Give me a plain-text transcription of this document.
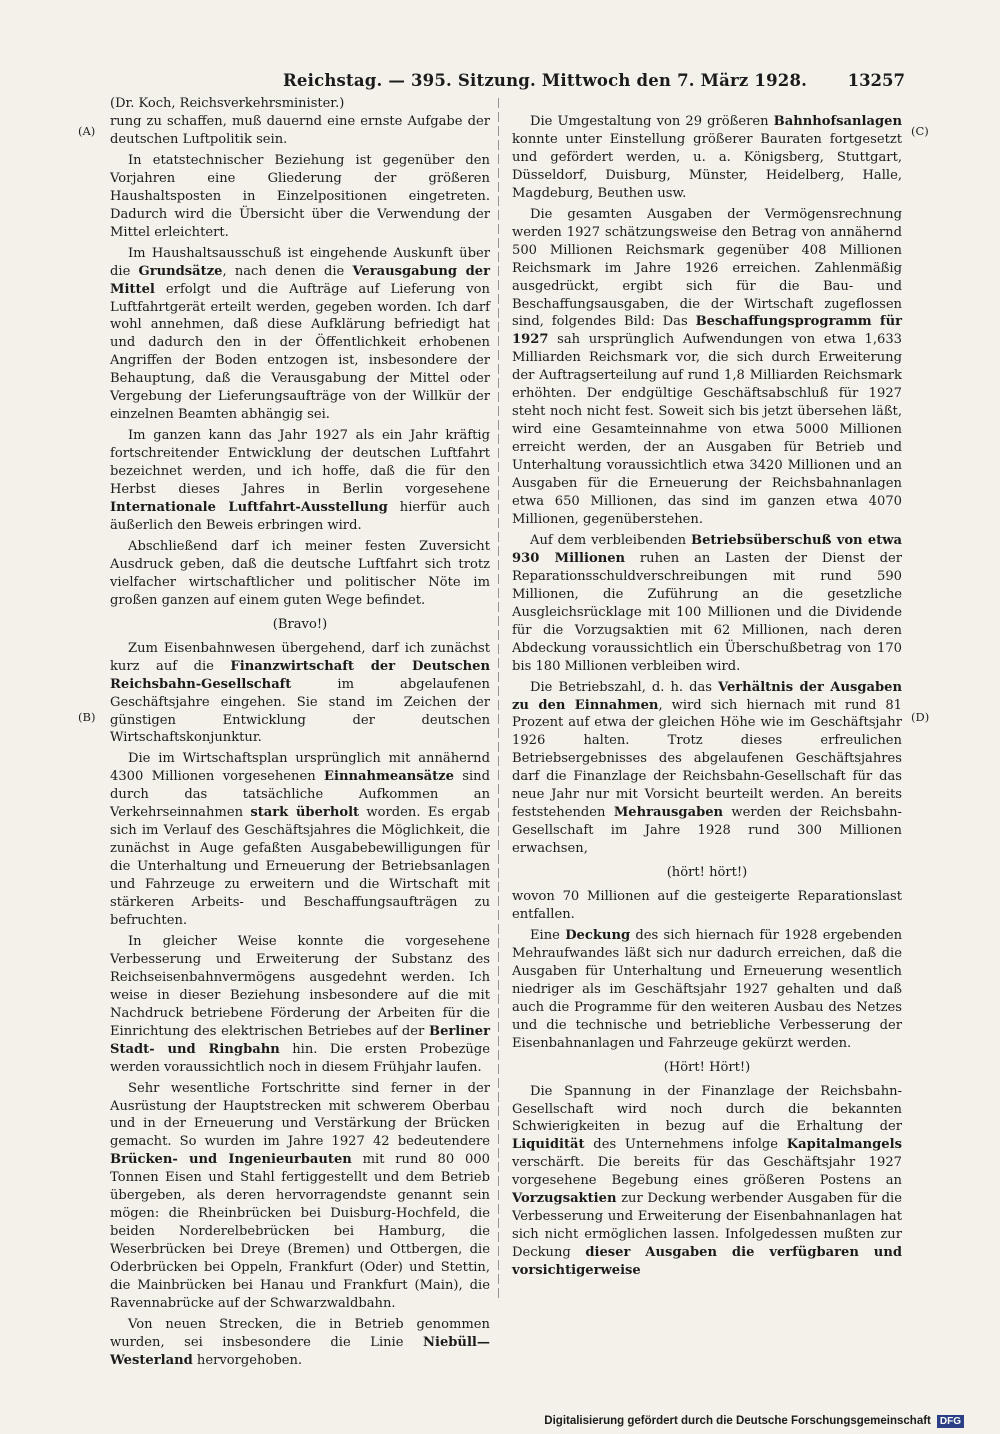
Reichstag. — 395. Sitzung. Mittwoch den 7. März 1928. 13257
(Dr. Koch, Reichsverkehrsminister.)
(A)
(B)
(C)
(D)

rung zu schaffen, muß dauernd eine ernste Aufgabe der deutschen Luftpolitik sein.

In etatstechnischer Beziehung ist gegenüber den Vorjahren eine Gliederung der größeren Haushaltsposten in Einzelpositionen eingetreten. Dadurch wird die Übersicht über die Verwendung der Mittel erleichtert.

Im Haushaltsausschuß ist eingehende Auskunft über die Grundsätze, nach denen die Verausgabung der Mittel erfolgt und die Aufträge auf Lieferung von Luftfahrtgerät erteilt werden, gegeben worden. Ich darf wohl annehmen, daß diese Aufklärung befriedigt hat und dadurch den in der Öffentlichkeit erhobenen Angriffen der Boden entzogen ist, insbesondere der Behauptung, daß die Verausgabung der Mittel oder Vergebung der Lieferungsaufträge von der Willkür der einzelnen Beamten abhängig sei.

Im ganzen kann das Jahr 1927 als ein Jahr kräftig fortschreitender Entwicklung der deutschen Luftfahrt bezeichnet werden, und ich hoffe, daß die für den Herbst dieses Jahres in Berlin vorgesehene Internationale Luftfahrt-Ausstellung hierfür auch äußerlich den Beweis erbringen wird.

Abschließend darf ich meiner festen Zuversicht Ausdruck geben, daß die deutsche Luftfahrt sich trotz vielfacher wirtschaftlicher und politischer Nöte im großen ganzen auf einem guten Wege befindet.

(Bravo!)

Zum Eisenbahnwesen übergehend, darf ich zunächst kurz auf die Finanzwirtschaft der Deutschen Reichsbahn-Gesellschaft im abgelaufenen Geschäftsjahre eingehen. Sie stand im Zeichen der günstigen Entwicklung der deutschen Wirtschaftskonjunktur.

Die im Wirtschaftsplan ursprünglich mit annähernd 4300 Millionen vorgesehenen Einnahmeansätze sind durch das tatsächliche Aufkommen an Verkehrseinnahmen stark überholt worden. Es ergab sich im Verlauf des Geschäftsjahres die Möglichkeit, die zunächst in Auge gefaßten Ausgabebewilligungen für die Unterhaltung und Erneuerung der Betriebsanlagen und Fahrzeuge zu erweitern und die Wirtschaft mit stärkeren Arbeits- und Beschaffungsaufträgen zu befruchten.

In gleicher Weise konnte die vorgesehene Verbesserung und Erweiterung der Substanz des Reichseisenbahnvermögens ausgedehnt werden. Ich weise in dieser Beziehung insbesondere auf die mit Nachdruck betriebene Förderung der Arbeiten für die Einrichtung des elektrischen Betriebes auf der Berliner Stadt- und Ringbahn hin. Die ersten Probezüge werden voraussichtlich noch in diesem Frühjahr laufen.

Sehr wesentliche Fortschritte sind ferner in der Ausrüstung der Hauptstrecken mit schwerem Oberbau und in der Erneuerung und Verstärkung der Brücken gemacht. So wurden im Jahre 1927 42 bedeutendere Brücken- und Ingenieurbauten mit rund 80 000 Tonnen Eisen und Stahl fertiggestellt und dem Betrieb übergeben, als deren hervorragendste genannt sein mögen: die Rheinbrücken bei Duisburg-Hochfeld, die beiden Norderelbebrücken bei Hamburg, die Weserbrücken bei Dreye (Bremen) und Ottbergen, die Oderbrücken bei Oppeln, Frankfurt (Oder) und Stettin, die Mainbrücken bei Hanau und Frankfurt (Main), die Ravennabrücke auf der Schwarzwaldbahn.

Von neuen Strecken, die in Betrieb genommen wurden, sei insbesondere die Linie Niebüll—Westerland hervorgehoben.

Die Umgestaltung von 29 größeren Bahnhofsanlagen konnte unter Einstellung größerer Bauraten fortgesetzt und gefördert werden, u. a. Königsberg, Stuttgart, Düsseldorf, Duisburg, Münster, Heidelberg, Halle, Magdeburg, Beuthen usw.

Die gesamten Ausgaben der Vermögensrechnung werden 1927 schätzungsweise den Betrag von annähernd 500 Millionen Reichsmark gegenüber 408 Millionen Reichsmark im Jahre 1926 erreichen. Zahlenmäßig ausgedrückt, ergibt sich für die Bau- und Beschaffungsausgaben, die der Wirtschaft zugeflossen sind, folgendes Bild: Das Beschaffungsprogramm für 1927 sah ursprünglich Aufwendungen von etwa 1,633 Milliarden Reichsmark vor, die sich durch Erweiterung der Auftragserteilung auf rund 1,8 Milliarden Reichsmark erhöhten. Der endgültige Geschäftsabschluß für 1927 steht noch nicht fest. Soweit sich bis jetzt übersehen läßt, wird eine Gesamteinnahme von etwa 5000 Millionen erreicht werden, der an Ausgaben für Betrieb und Unterhaltung voraussichtlich etwa 3420 Millionen und an Ausgaben für die Erneuerung der Reichsbahnanlagen etwa 650 Millionen, das sind im ganzen etwa 4070 Millionen, gegenüberstehen.

Auf dem verbleibenden Betriebsüberschuß von etwa 930 Millionen ruhen an Lasten der Dienst der Reparationsschuldverschreibungen mit rund 590 Millionen, die Zuführung an die gesetzliche Ausgleichsrücklage mit 100 Millionen und die Dividende für die Vorzugsaktien mit 62 Millionen, nach deren Abdeckung voraussichtlich ein Überschußbetrag von 170 bis 180 Millionen verbleiben wird.

Die Betriebszahl, d. h. das Verhältnis der Ausgaben zu den Einnahmen, wird sich hiernach mit rund 81 Prozent auf etwa der gleichen Höhe wie im Geschäftsjahr 1926 halten. Trotz dieses erfreulichen Betriebsergebnisses des abgelaufenen Geschäftsjahres darf die Finanzlage der Reichsbahn-Gesellschaft für das neue Jahr nur mit Vorsicht beurteilt werden. An bereits feststehenden Mehrausgaben werden der Reichsbahn-Gesellschaft im Jahre 1928 rund 300 Millionen erwachsen,

(hört! hört!)

wovon 70 Millionen auf die gesteigerte Reparationslast entfallen.

Eine Deckung des sich hiernach für 1928 ergebenden Mehraufwandes läßt sich nur dadurch erreichen, daß die Ausgaben für Unterhaltung und Erneuerung wesentlich niedriger als im Geschäftsjahr 1927 gehalten und daß auch die Programme für den weiteren Ausbau des Netzes und die technische und betriebliche Verbesserung der Eisenbahnanlagen und Fahrzeuge gekürzt werden.

(Hört! Hört!)

Die Spannung in der Finanzlage der Reichsbahn-Gesellschaft wird noch durch die bekannten Schwierigkeiten in bezug auf die Erhaltung der Liquidität des Unternehmens infolge Kapitalmangels verschärft. Die bereits für das Geschäftsjahr 1927 vorgesehene Begebung eines größeren Postens an Vorzugsaktien zur Deckung werbender Ausgaben für die Verbesserung und Erweiterung der Eisenbahnanlagen hat sich nicht ermöglichen lassen. Infolgedessen mußten zur Deckung dieser Ausgaben die verfügbaren und vorsichtigerweise

Digitalisierung gefördert durch die Deutsche Forschungsgemeinschaft DFG
